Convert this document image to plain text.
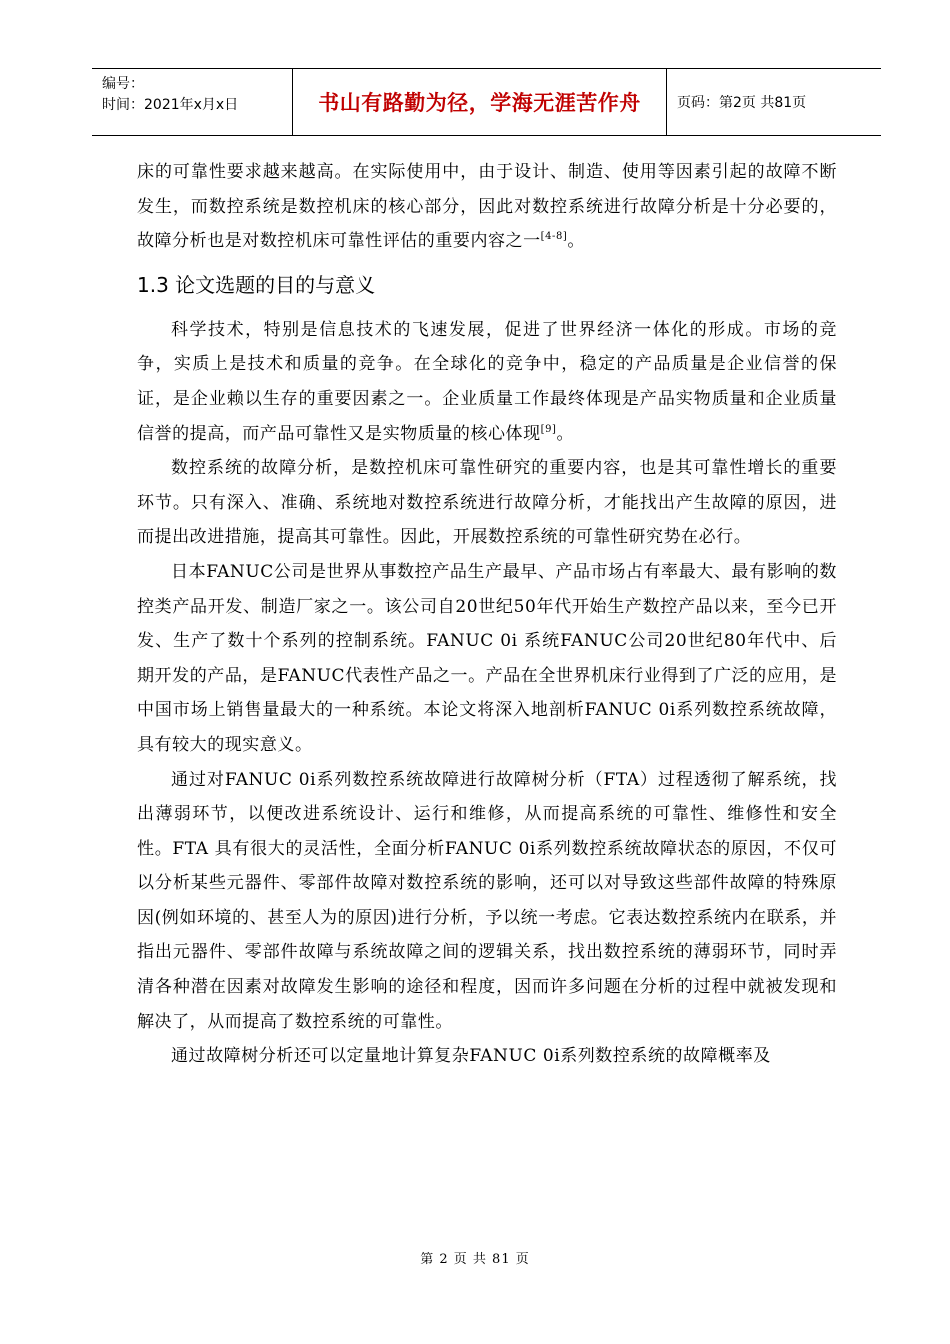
编号：
时间：2021年x月x日	书山有路勤为径，学海无涯苦作舟	页码：第2页 共81页

床的可靠性要求越来越高。在实际使用中，由于设计、制造、使用等因素引起的故障不断发生，而数控系统是数控机床的核心部分，因此对数控系统进行故障分析是十分必要的，故障分析也是对数控机床可靠性评估的重要内容之一[4-8]。

1.3 论文选题的目的与意义

科学技术，特别是信息技术的飞速发展，促进了世界经济一体化的形成。市场的竞争，实质上是技术和质量的竞争。在全球化的竞争中，稳定的产品质量是企业信誉的保证，是企业赖以生存的重要因素之一。企业质量工作最终体现是产品实物质量和企业质量信誉的提高，而产品可靠性又是实物质量的核心体现[9]。

数控系统的故障分析，是数控机床可靠性研究的重要内容，也是其可靠性增长的重要环节。只有深入、准确、系统地对数控系统进行故障分析，才能找出产生故障的原因，进而提出改进措施，提高其可靠性。因此，开展数控系统的可靠性研究势在必行。

日本FANUC公司是世界从事数控产品生产最早、产品市场占有率最大、最有影响的数控类产品开发、制造厂家之一。该公司自20世纪50年代开始生产数控产品以来，至今已开发、生产了数十个系列的控制系统。FANUC 0i 系统FANUC公司20世纪80年代中、后期开发的产品，是FANUC代表性产品之一。产品在全世界机床行业得到了广泛的应用，是中国市场上销售量最大的一种系统。本论文将深入地剖析FANUC 0i系列数控系统故障，具有较大的现实意义。

通过对FANUC 0i系列数控系统故障进行故障树分析（FTA）过程透彻了解系统，找出薄弱环节，以便改进系统设计、运行和维修，从而提高系统的可靠性、维修性和安全性。FTA 具有很大的灵活性，全面分析FANUC 0i系列数控系统故障状态的原因，不仅可以分析某些元器件、零部件故障对数控系统的影响，还可以对导致这些部件故障的特殊原因(例如环境的、甚至人为的原因)进行分析，予以统一考虑。它表达数控系统内在联系，并指出元器件、零部件故障与系统故障之间的逻辑关系，找出数控系统的薄弱环节，同时弄清各种潜在因素对故障发生影响的途径和程度，因而许多问题在分析的过程中就被发现和解决了，从而提高了数控系统的可靠性。

通过故障树分析还可以定量地计算复杂FANUC 0i系列数控系统的故障概率及

第 2 页 共 81 页
